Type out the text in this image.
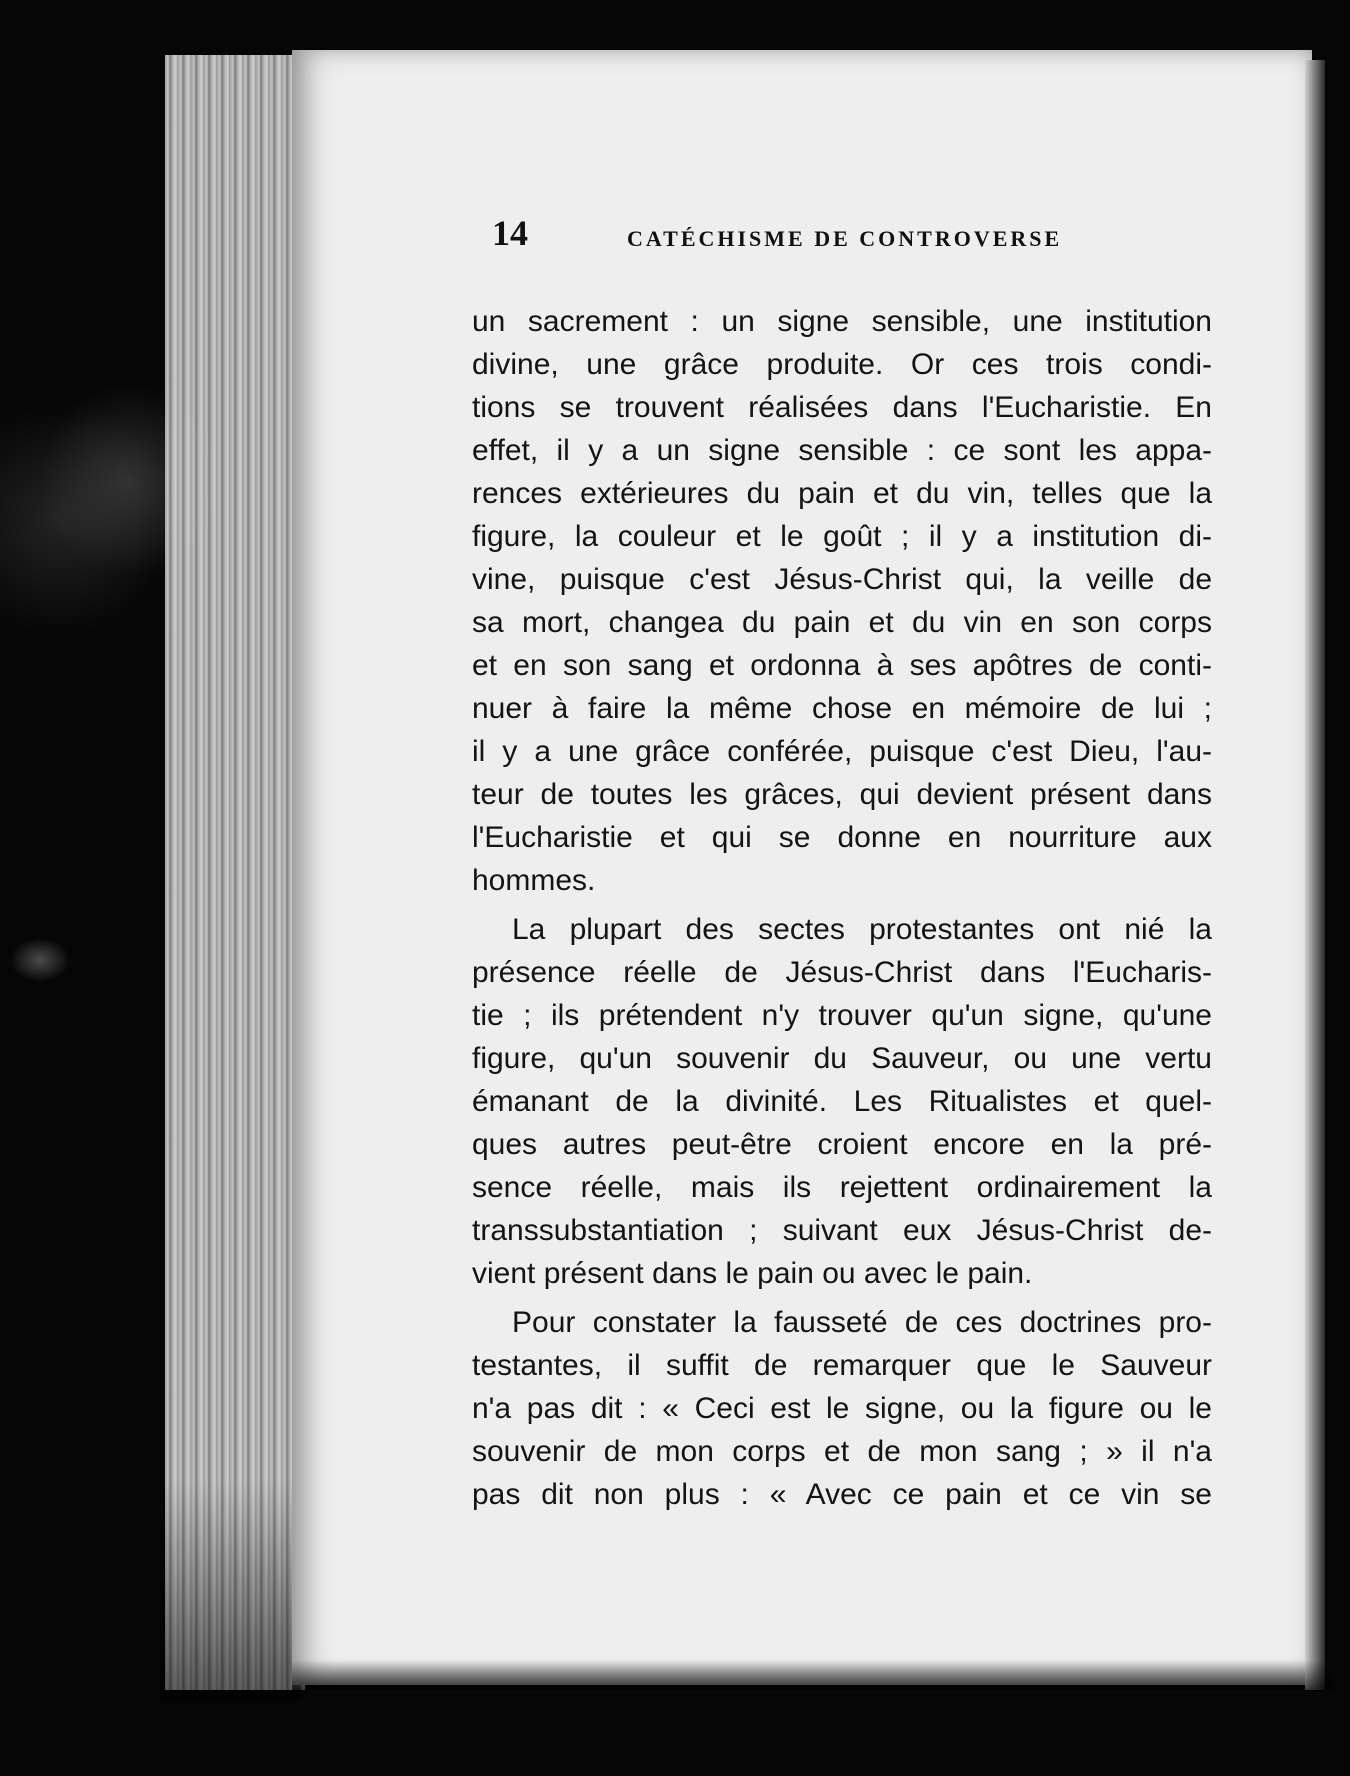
14	CATÉCHISME DE CONTROVERSE
un sacrement : un signe sensible, une institution
divine, une grâce produite. Or ces trois condi-
tions se trouvent réalisées dans l'Eucharistie. En
effet, il y a un signe sensible : ce sont les appa-
rences extérieures du pain et du vin, telles que la
figure, la couleur et le goût ; il y a institution di-
vine, puisque c'est Jésus-Christ qui, la veille de
sa mort, changea du pain et du vin en son corps
et en son sang et ordonna à ses apôtres de conti-
nuer à faire la même chose en mémoire de lui ;
il y a une grâce conférée, puisque c'est Dieu, l'au-
teur de toutes les grâces, qui devient présent dans
l'Eucharistie et qui se donne en nourriture aux
hommes.
La plupart des sectes protestantes ont nié la
présence réelle de Jésus-Christ dans l'Eucharis-
tie ; ils prétendent n'y trouver qu'un signe, qu'une
figure, qu'un souvenir du Sauveur, ou une vertu
émanant de la divinité. Les Ritualistes et quel-
ques autres peut-être croient encore en la pré-
sence réelle, mais ils rejettent ordinairement la
transsubstantiation ; suivant eux Jésus-Christ de-
vient présent dans le pain ou avec le pain.
Pour constater la fausseté de ces doctrines pro-
testantes, il suffit de remarquer que le Sauveur
n'a pas dit : « Ceci est le signe, ou la figure ou le
souvenir de mon corps et de mon sang ; » il n'a
pas dit non plus : « Avec ce pain et ce vin se
